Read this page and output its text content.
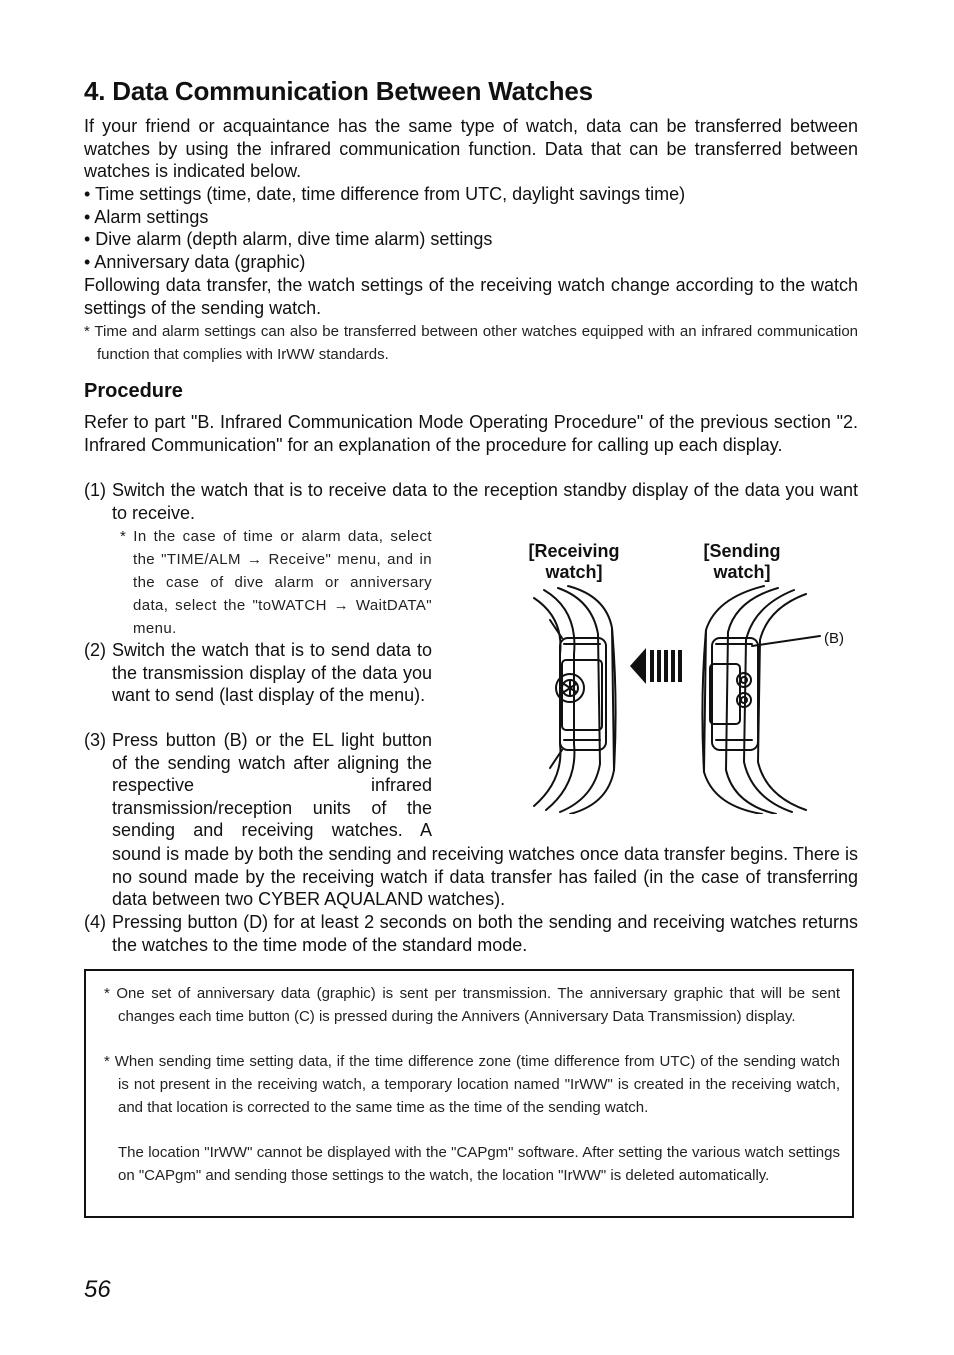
4. Data Communication Between Watches

If your friend or acquaintance has the same type of watch, data can be transferred between watches by using the infrared communication function. Data that can be transferred between watches is indicated below.

• Time settings (time, date, time difference from UTC, daylight savings time)

• Alarm settings

• Dive alarm (depth alarm, dive time alarm) settings

• Anniversary data (graphic)

Following data transfer, the watch settings of the receiving watch change according to the watch settings of the sending watch.

* Time and alarm settings can also be transferred between other watches equipped with an infrared communication function that complies with IrWW standards.

Procedure

Refer to part "B. Infrared Communication Mode Operating Procedure" of the previous section "2. Infrared Communication" for an explanation of the procedure for calling up each display.

(1) Switch the watch that is to receive data to the reception standby display of the data you want to receive.

* In the case of time or alarm data, select the "TIME/ALM → Receive" menu, and in the case of dive alarm or anniversary data, select the "toWATCH → WaitDATA" menu.

(2) Switch the watch that is to send data to the transmission display of the data you want to send (last display of the menu).
(3) Press button (B) or the EL light button of the sending watch after aligning the respective infrared transmission/reception units of the sending and receiving watches. A

sound is made by both the sending and receiving watches once data transfer begins. There is no sound made by the receiving watch if data transfer has failed (in the case of transferring data between two CYBER AQUALAND watches).

(4) Pressing button (D) for at least 2 seconds on both the sending and receiving watches returns the watches to the time mode of the standard mode.
[Receiving watch]
[Sending watch]
(B)

* One set of anniversary data (graphic) is sent per transmission. The anniversary graphic that will be sent changes each time button (C) is pressed during the Annivers (Anniversary Data Transmission) display.

* When sending time setting data, if the time difference zone (time difference from UTC) of the sending watch is not present in the receiving watch, a temporary location named "IrWW" is created in the receiving watch, and that location is corrected to the same time as the time of the sending watch.

The location "IrWW" cannot be displayed with the "CAPgm" software. After setting the various watch settings on "CAPgm" and sending those settings to the watch, the location "IrWW" is deleted automatically.

56
